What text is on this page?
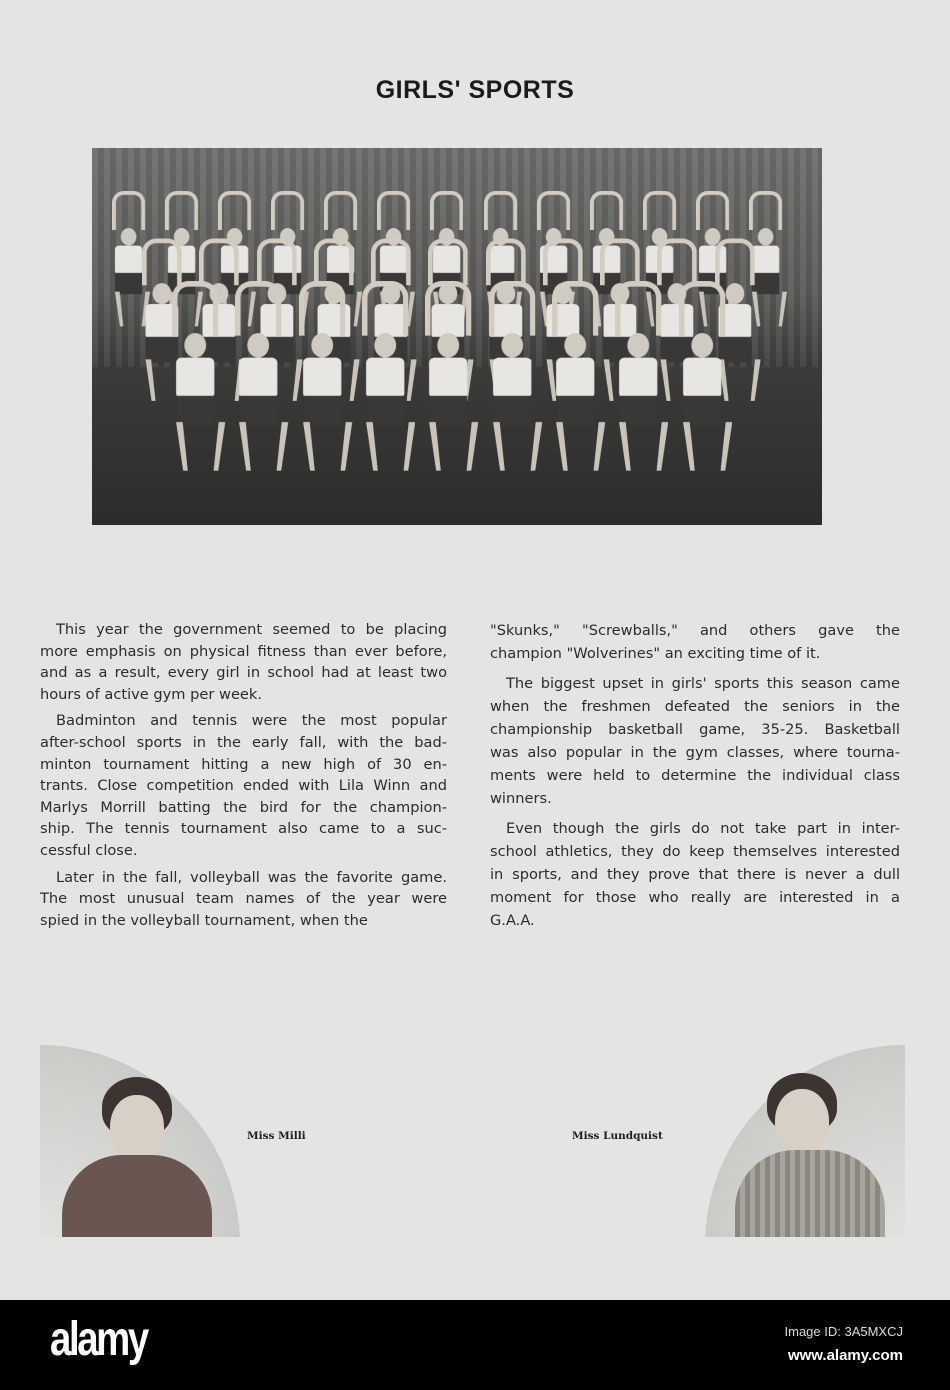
GIRLS' SPORTS
This year the government seemed to be placing
more emphasis on physical fitness than ever before,
and as a result, every girl in school had at least two
hours of active gym per week.
Badminton and tennis were the most popular
after-school sports in the early fall, with the bad-
minton tournament hitting a new high of 30 en-
trants. Close competition ended with Lila Winn and
Marlys Morrill batting the bird for the champion-
ship. The tennis tournament also came to a suc-
cessful close.
Later in the fall, volleyball was the favorite game.
The most unusual team names of the year were
spied in the volleyball tournament, when the
"Skunks," "Screwballs," and others gave the
champion "Wolverines" an exciting time of it.
The biggest upset in girls' sports this season came
when the freshmen defeated the seniors in the
championship basketball game, 35-25. Basketball
was also popular in the gym classes, where tourna-
ments were held to determine the individual class
winners.
Even though the girls do not take part in inter-
school athletics, they do keep themselves interested
in sports, and they prove that there is never a dull
moment for those who really are interested in a
G.A.A.
Miss Milli	Miss Lundquist
alamy	Image ID: 3A5MXCJ
www.alamy.com
